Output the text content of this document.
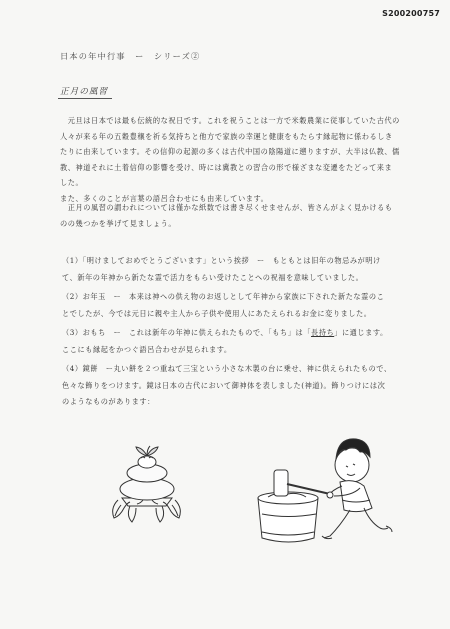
S200200757
日本の年中行事　ー　シリーズ②
正月の風習

　元旦は日本では最も伝統的な祝日です。これを祝うことは一方で米穀農業に従事していた古代の人々が来る年の五穀豊穣を祈る気持ちと他方で家族の幸運と健康をもたらす縁起物に係わるしきたりに由来しています。その信仰の起源の多くは古代中国の陰陽道に遡りますが、大半は仏教、儒教、神道それに土着信仰の影響を受け、時には冀教との習合の形で様ざまな変遷をたどって来ました。
また、多くのことが言葉の語呂合わせにも由来しています。

　正月の風習の謂われについては僅かな紙数では書き尽くせませんが、皆さんがよく見かけるものの幾つかを挙げて見ましょう。

（1）「明けましておめでとうございます」という挨拶　ー　もともとは旧年の物忌みが明けて、新年の年神から新たな霊で活力をもらい受けたことへの祝福を意味していました。
（2）お年玉　ー　本来は神への供え物のお返しとして年神から家族に下された新たな霊のことでしたが、今では元日に親や主人から子供や使用人にあたえられるお金に変りました。
（3）おもち　ー　これは新年の年神に供えられたもので、「もち」は「長持ち」に通じます。ここにも縁起をかつぐ語呂合わせが見られます。
（4）鏡餅　ー丸い餅を２つ重ねて三宝という小さな木製の台に乗せ、神に供えられたもので、色々な飾りをつけます。鏡は日本の古代において御神体を表しました(神道)。飾りつけには次のようなものがあります：
